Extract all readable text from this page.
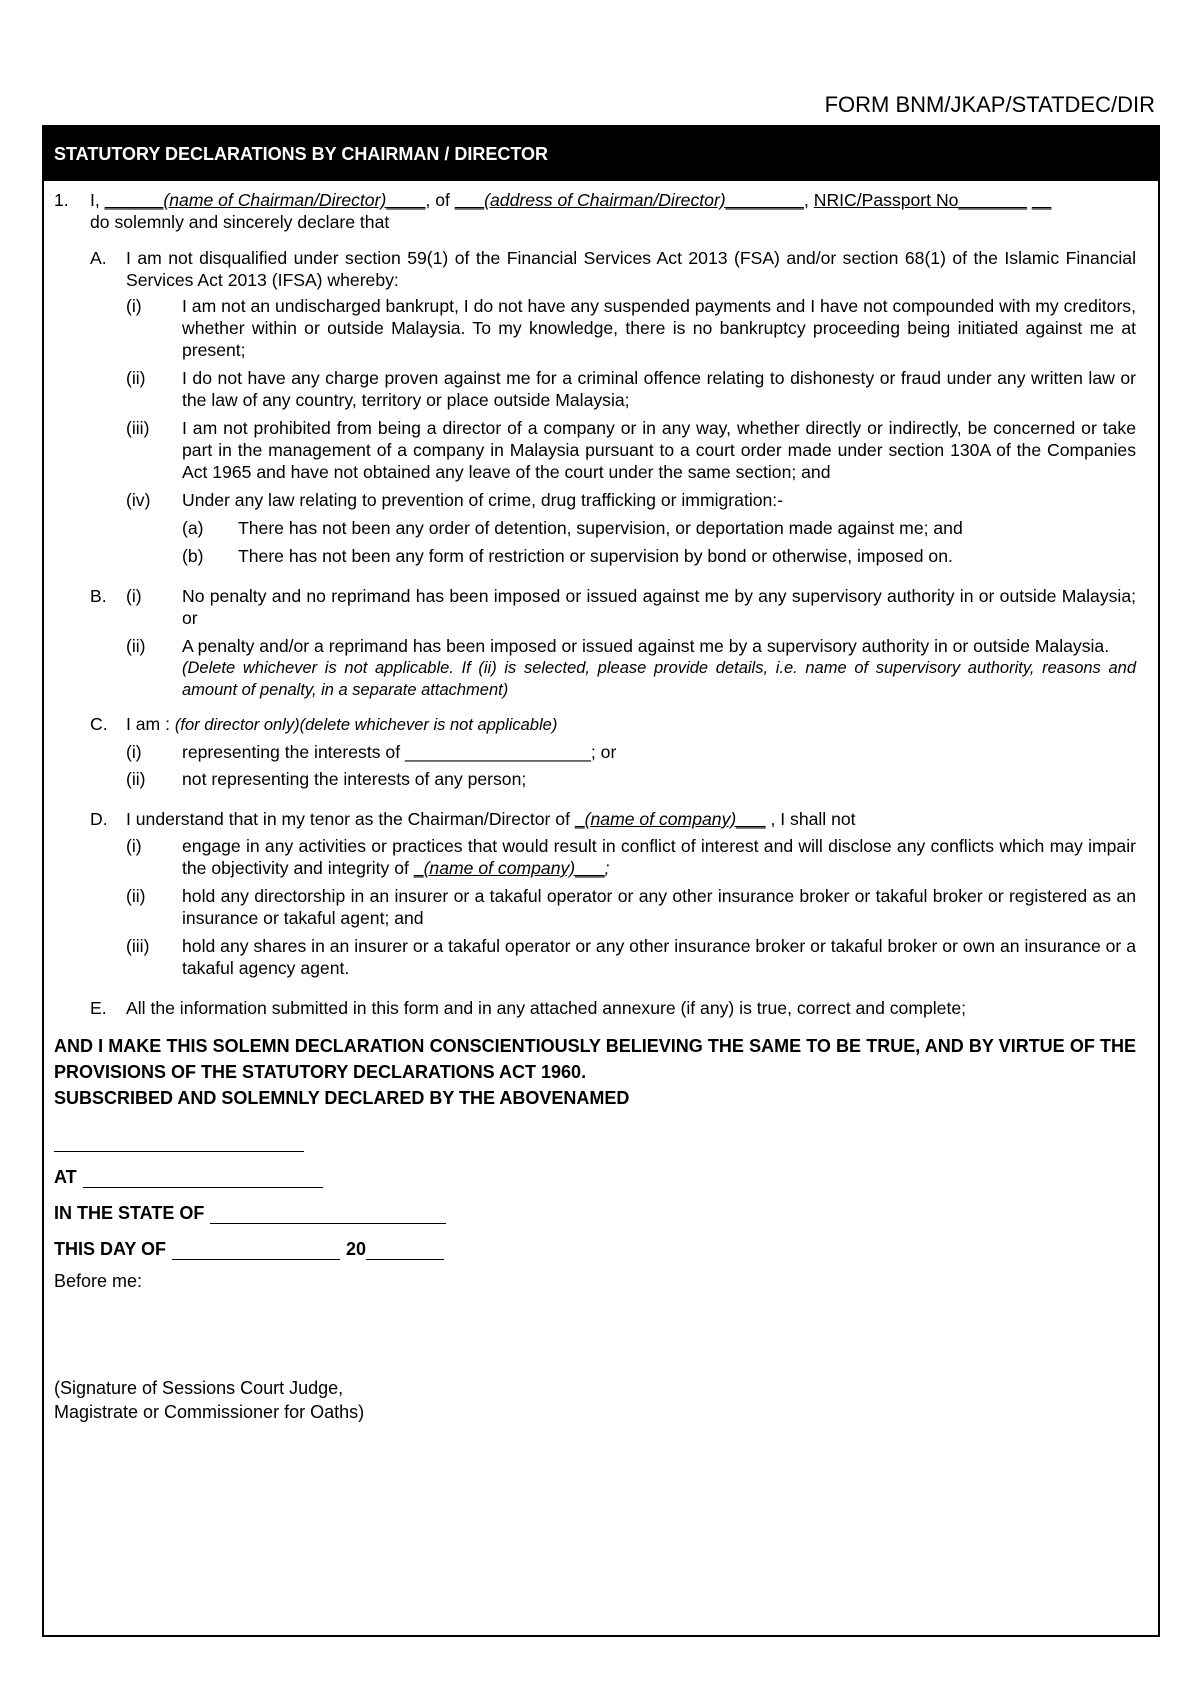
FORM BNM/JKAP/STATDEC/DIR
STATUTORY DECLARATIONS BY CHAIRMAN / DIRECTOR
1.	I, ______(name of Chairman/Director)____, of ___(address of Chairman/Director)________, NRIC/Passport No_______ __
do solemnly and sincerely declare that
A.	I am not disqualified under section 59(1) of the Financial Services Act 2013 (FSA) and/or section 68(1) of the Islamic Financial Services Act 2013 (IFSA) whereby:
(i)	I am not an undischarged bankrupt, I do not have any suspended payments and I have not compounded with my creditors, whether within or outside Malaysia. To my knowledge, there is no bankruptcy proceeding being initiated against me at present;
(ii)	I do not have any charge proven against me for a criminal offence relating to dishonesty or fraud under any written law or the law of any country, territory or place outside Malaysia;
(iii)	I am not prohibited from being a director of a company or in any way, whether directly or indirectly, be concerned or take part in the management of a company in Malaysia pursuant to a court order made under section 130A of the Companies Act 1965 and have not obtained any leave of the court under the same section; and
(iv)	Under any law relating to prevention of crime, drug trafficking or immigration:-
(a)	There has not been any order of detention, supervision, or deportation made against me; and
(b)	There has not been any form of restriction or supervision by bond or otherwise, imposed on.
B.	(i)	No penalty and no reprimand has been imposed or issued against me by any supervisory authority in or outside Malaysia; or
(ii)	A penalty and/or a reprimand has been imposed or issued against me by a supervisory authority in or outside Malaysia.
(Delete whichever is not applicable. If (ii) is selected, please provide details, i.e. name of supervisory authority, reasons and amount of penalty, in a separate attachment)
C.	I am : (for director only)(delete whichever is not applicable)
(i)	representing the interests of ___________________; or
(ii)	not representing the interests of any person;
D.	I understand that in my tenor as the Chairman/Director of _(name of company)___ , I shall not
(i)	engage in any activities or practices that would result in conflict of interest and will disclose any conflicts which may impair the objectivity and integrity of _(name of company)___;
(ii)	hold any directorship in an insurer or a takaful operator or any other insurance broker or takaful broker or registered as an insurance or takaful agent; and
(iii)	hold any shares in an insurer or a takaful operator or any other insurance broker or takaful broker or own an insurance or a takaful agency agent.
E.	All the information submitted in this form and in any attached annexure (if any) is true, correct and complete;
AND I MAKE THIS SOLEMN DECLARATION CONSCIENTIOUSLY BELIEVING THE SAME TO BE TRUE, AND BY VIRTUE OF THE PROVISIONS OF THE STATUTORY DECLARATIONS ACT 1960.
SUBSCRIBED AND SOLEMNLY DECLARED BY THE ABOVENAMED
AT
IN THE STATE OF
THIS DAY OF	20
Before me:
(Signature of Sessions Court Judge,
Magistrate or Commissioner for Oaths)
